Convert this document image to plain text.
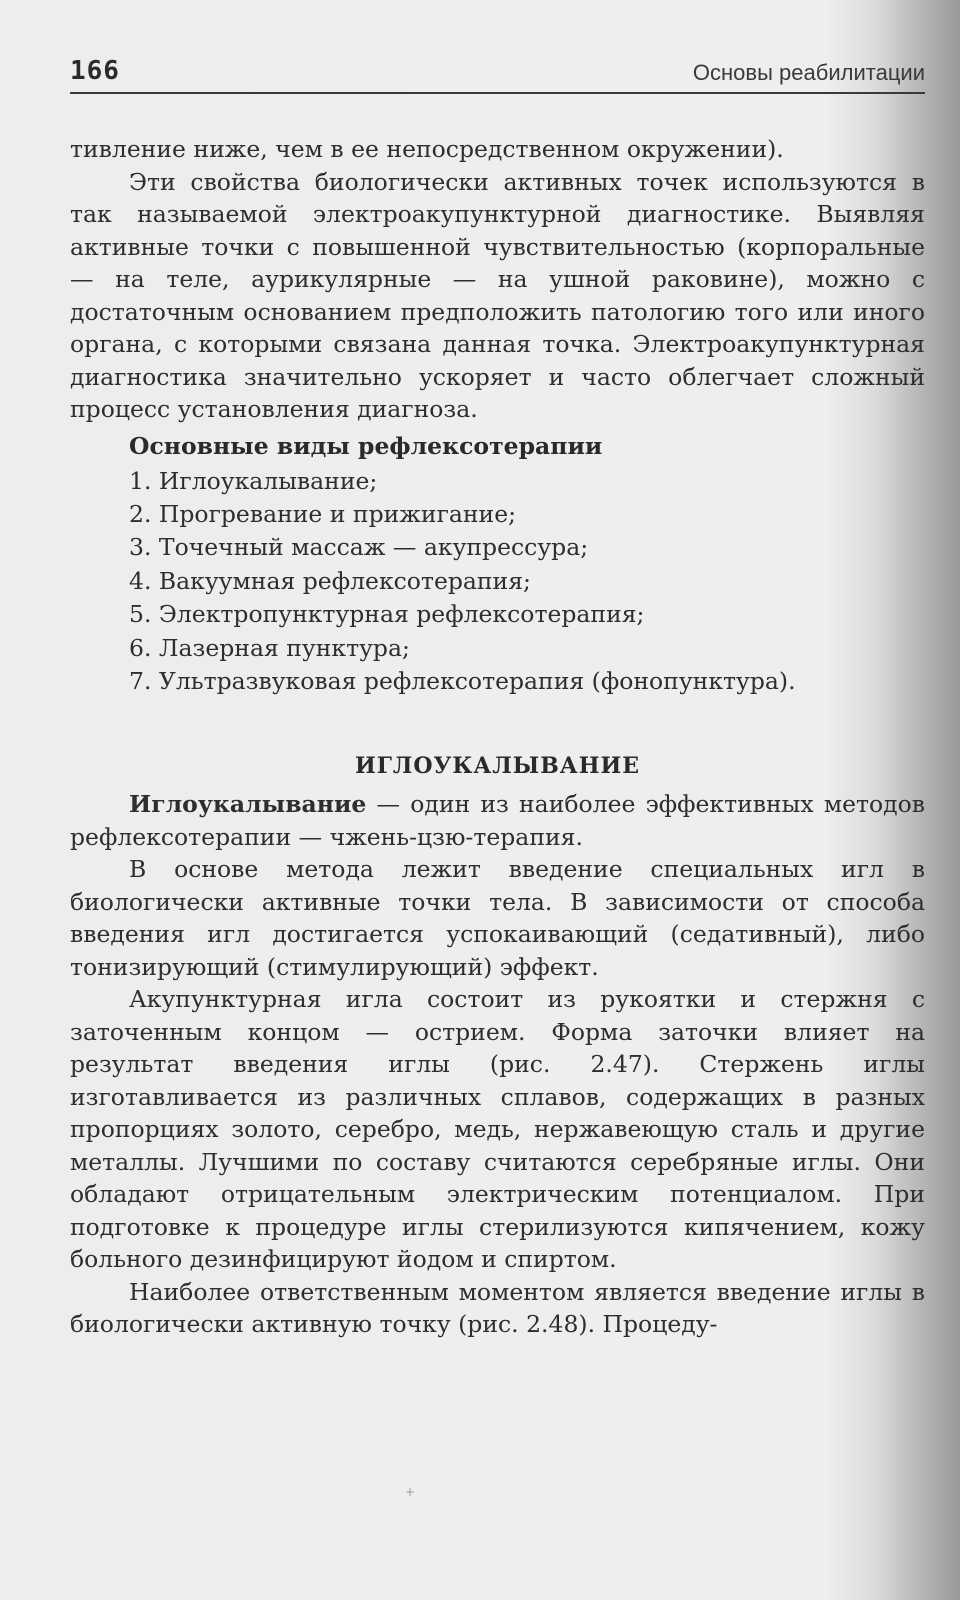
166	Основы реабилитации

тивление ниже, чем в ее непосредственном окружении).

Эти свойства биологически активных точек используются в так называемой электроакупунктурной диагностике. Выявляя активные точки с повышенной чувствительностью (корпоральные — на теле, аурикулярные — на ушной раковине), можно с достаточным основанием предположить патологию того или иного органа, с которыми связана данная точка. Электроакупунктурная диагностика значительно ускоряет и часто облегчает сложный процесс установления диагноза.

Основные виды рефлексотерапии

1. Иглоукалывание;
2. Прогревание и прижигание;
3. Точечный массаж — акупрессура;
4. Вакуумная рефлексотерапия;
5. Электропунктурная рефлексотерапия;
6. Лазерная пунктура;
7. Ультразвуковая рефлексотерапия (фонопунктура).
ИГЛОУКАЛЫВАНИЕ

Иглоукалывание — один из наиболее эффективных методов рефлексотерапии — чжень-цзю-терапия.

В основе метода лежит введение специальных игл в биологически активные точки тела. В зависимости от способа введения игл достигается успокаивающий (седативный), либо тонизирующий (стимулирующий) эффект.

Акупунктурная игла состоит из рукоятки и стержня с заточенным концом — острием. Форма заточки влияет на результат введения иглы (рис. 2.47). Стержень иглы изготавливается из различных сплавов, содержащих в разных пропорциях золото, серебро, медь, нержавеющую сталь и другие металлы. Лучшими по составу считаются серебряные иглы. Они обладают отрицательным электрическим потенциалом. При подготовке к процедуре иглы стерилизуются кипячением, кожу больного дезинфицируют йодом и спиртом.

Наиболее ответственным моментом является введение иглы в биологически активную точку (рис. 2.48). Процеду-

+
